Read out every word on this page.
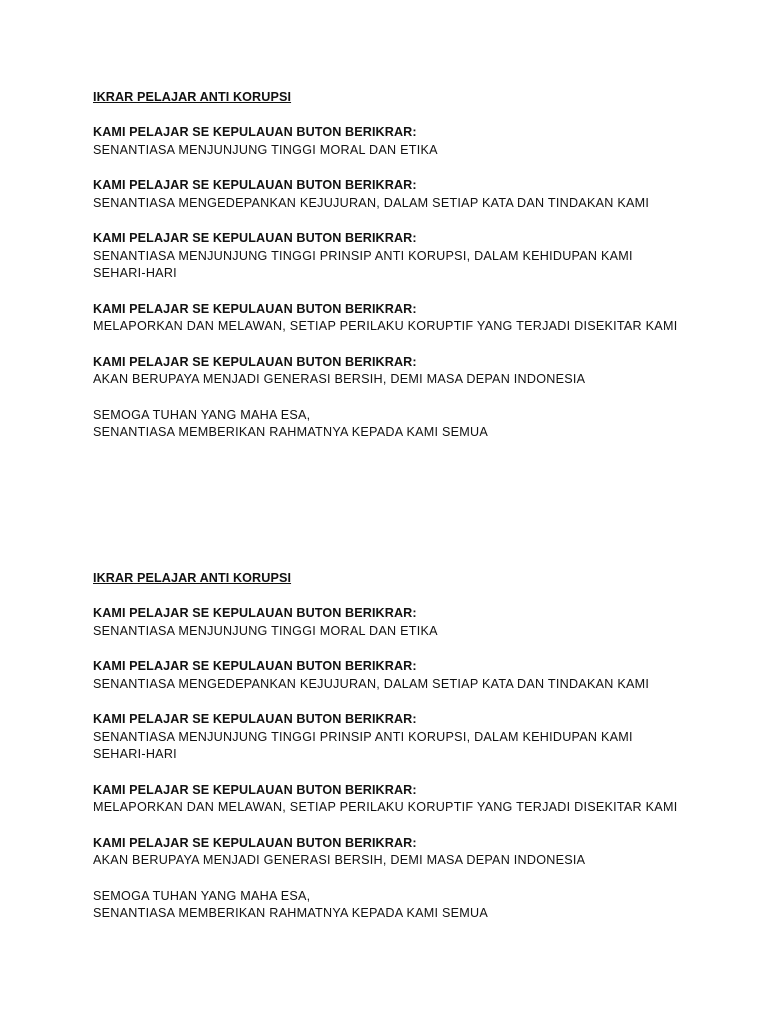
IKRAR PELAJAR ANTI KORUPSI
KAMI PELAJAR SE KEPULAUAN BUTON BERIKRAR:
SENANTIASA MENJUNJUNG TINGGI MORAL DAN ETIKA
KAMI PELAJAR SE KEPULAUAN BUTON BERIKRAR:
SENANTIASA MENGEDEPANKAN KEJUJURAN, DALAM SETIAP KATA DAN TINDAKAN KAMI
KAMI PELAJAR SE KEPULAUAN BUTON BERIKRAR:
SENANTIASA MENJUNJUNG TINGGI PRINSIP ANTI KORUPSI, DALAM KEHIDUPAN KAMI
SEHARI-HARI
KAMI PELAJAR SE KEPULAUAN BUTON BERIKRAR:
MELAPORKAN DAN MELAWAN, SETIAP PERILAKU KORUPTIF YANG TERJADI DISEKITAR KAMI
KAMI PELAJAR SE KEPULAUAN BUTON BERIKRAR:
AKAN BERUPAYA MENJADI GENERASI BERSIH, DEMI MASA DEPAN INDONESIA
SEMOGA TUHAN YANG MAHA ESA,
SENANTIASA MEMBERIKAN RAHMATNYA KEPADA KAMI SEMUA
IKRAR PELAJAR ANTI KORUPSI
KAMI PELAJAR SE KEPULAUAN BUTON BERIKRAR:
SENANTIASA MENJUNJUNG TINGGI MORAL DAN ETIKA
KAMI PELAJAR SE KEPULAUAN BUTON BERIKRAR:
SENANTIASA MENGEDEPANKAN KEJUJURAN, DALAM SETIAP KATA DAN TINDAKAN KAMI
KAMI PELAJAR SE KEPULAUAN BUTON BERIKRAR:
SENANTIASA MENJUNJUNG TINGGI PRINSIP ANTI KORUPSI, DALAM KEHIDUPAN KAMI
SEHARI-HARI
KAMI PELAJAR SE KEPULAUAN BUTON BERIKRAR:
MELAPORKAN DAN MELAWAN, SETIAP PERILAKU KORUPTIF YANG TERJADI DISEKITAR KAMI
KAMI PELAJAR SE KEPULAUAN BUTON BERIKRAR:
AKAN BERUPAYA MENJADI GENERASI BERSIH, DEMI MASA DEPAN INDONESIA
SEMOGA TUHAN YANG MAHA ESA,
SENANTIASA MEMBERIKAN RAHMATNYA KEPADA KAMI SEMUA
